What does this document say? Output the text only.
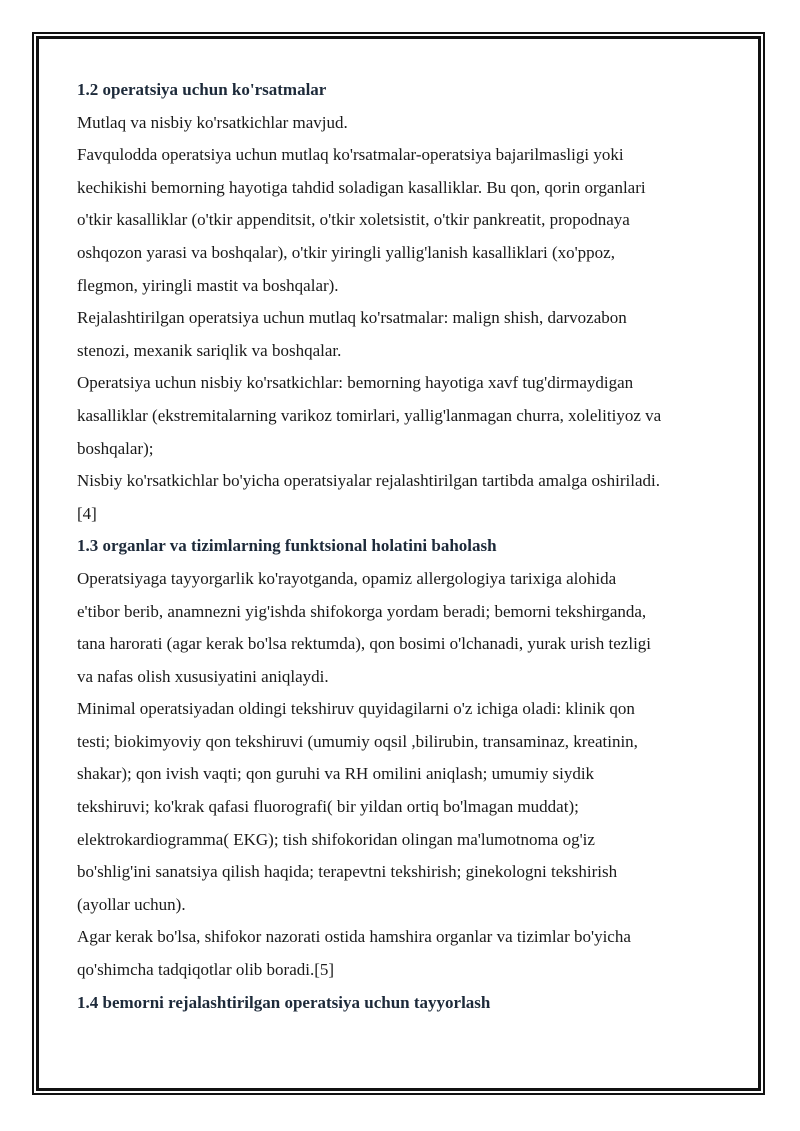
1.2 operatsiya uchun ko'rsatmalar
Mutlaq va nisbiy ko'rsatkichlar mavjud.
Favqulodda operatsiya uchun mutlaq ko'rsatmalar-operatsiya bajarilmasligi yoki
kechikishi bemorning hayotiga tahdid soladigan kasalliklar. Bu qon, qorin organlari
o'tkir kasalliklar (o'tkir appenditsit, o'tkir xoletsistit, o'tkir pankreatit, propodnaya
oshqozon yarasi va boshqalar), o'tkir yiringli yallig'lanish kasalliklari (xo'ppoz,
flegmon, yiringli mastit va boshqalar).
Rejalashtirilgan operatsiya uchun mutlaq ko'rsatmalar: malign shish, darvozabon
stenozi, mexanik sariqlik va boshqalar.
Operatsiya uchun nisbiy ko'rsatkichlar: bemorning hayotiga xavf tug'dirmaydigan
kasalliklar (ekstremitalarning varikoz tomirlari, yallig'lanmagan churra, xolelitiyoz va
boshqalar);
Nisbiy ko'rsatkichlar bo'yicha operatsiyalar rejalashtirilgan tartibda amalga oshiriladi.
[4]
1.3 organlar va tizimlarning funktsional holatini baholash
Operatsiyaga tayyorgarlik ko'rayotganda, opamiz allergologiya tarixiga alohida
e'tibor berib, anamnezni yig'ishda shifokorga yordam beradi; bemorni tekshirganda,
tana harorati (agar kerak bo'lsa rektumda), qon bosimi o'lchanadi, yurak urish tezligi
va nafas olish xususiyatini aniqlaydi.
Minimal operatsiyadan oldingi tekshiruv quyidagilarni o'z ichiga oladi: klinik qon
testi; biokimyoviy qon tekshiruvi (umumiy oqsil ,bilirubin, transaminaz, kreatinin,
shakar); qon ivish vaqti; qon guruhi va RH omilini aniqlash; umumiy siydik
tekshiruvi; ko'krak qafasi fluorografi( bir yildan ortiq bo'lmagan muddat);
elektrokardiogramma( EKG); tish shifokoridan olingan ma'lumotnoma og'iz
bo'shlig'ini sanatsiya qilish haqida; terapevtni tekshirish; ginekologni tekshirish
(ayollar uchun).
Agar kerak bo'lsa, shifokor nazorati ostida hamshira organlar va tizimlar bo'yicha
qo'shimcha tadqiqotlar olib boradi.[5]
1.4 bemorni rejalashtirilgan operatsiya uchun tayyorlash
